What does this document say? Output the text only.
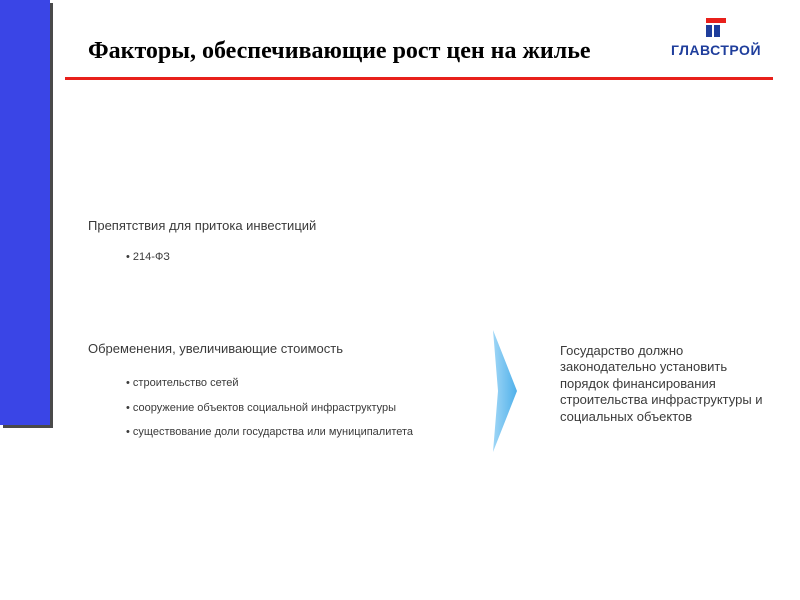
Факторы, обеспечивающие рост цен на жилье	ГЛАВСТРОЙ
Препятствия для притока инвестиций
• 214-ФЗ
Обременения, увеличивающие стоимость
• строительство сетей
• сооружение объектов социальной инфраструктуры
• существование доли государства или муниципалитета
Государство должно законодательно установить порядок финансирования строительства инфраструктуры и социальных объектов
